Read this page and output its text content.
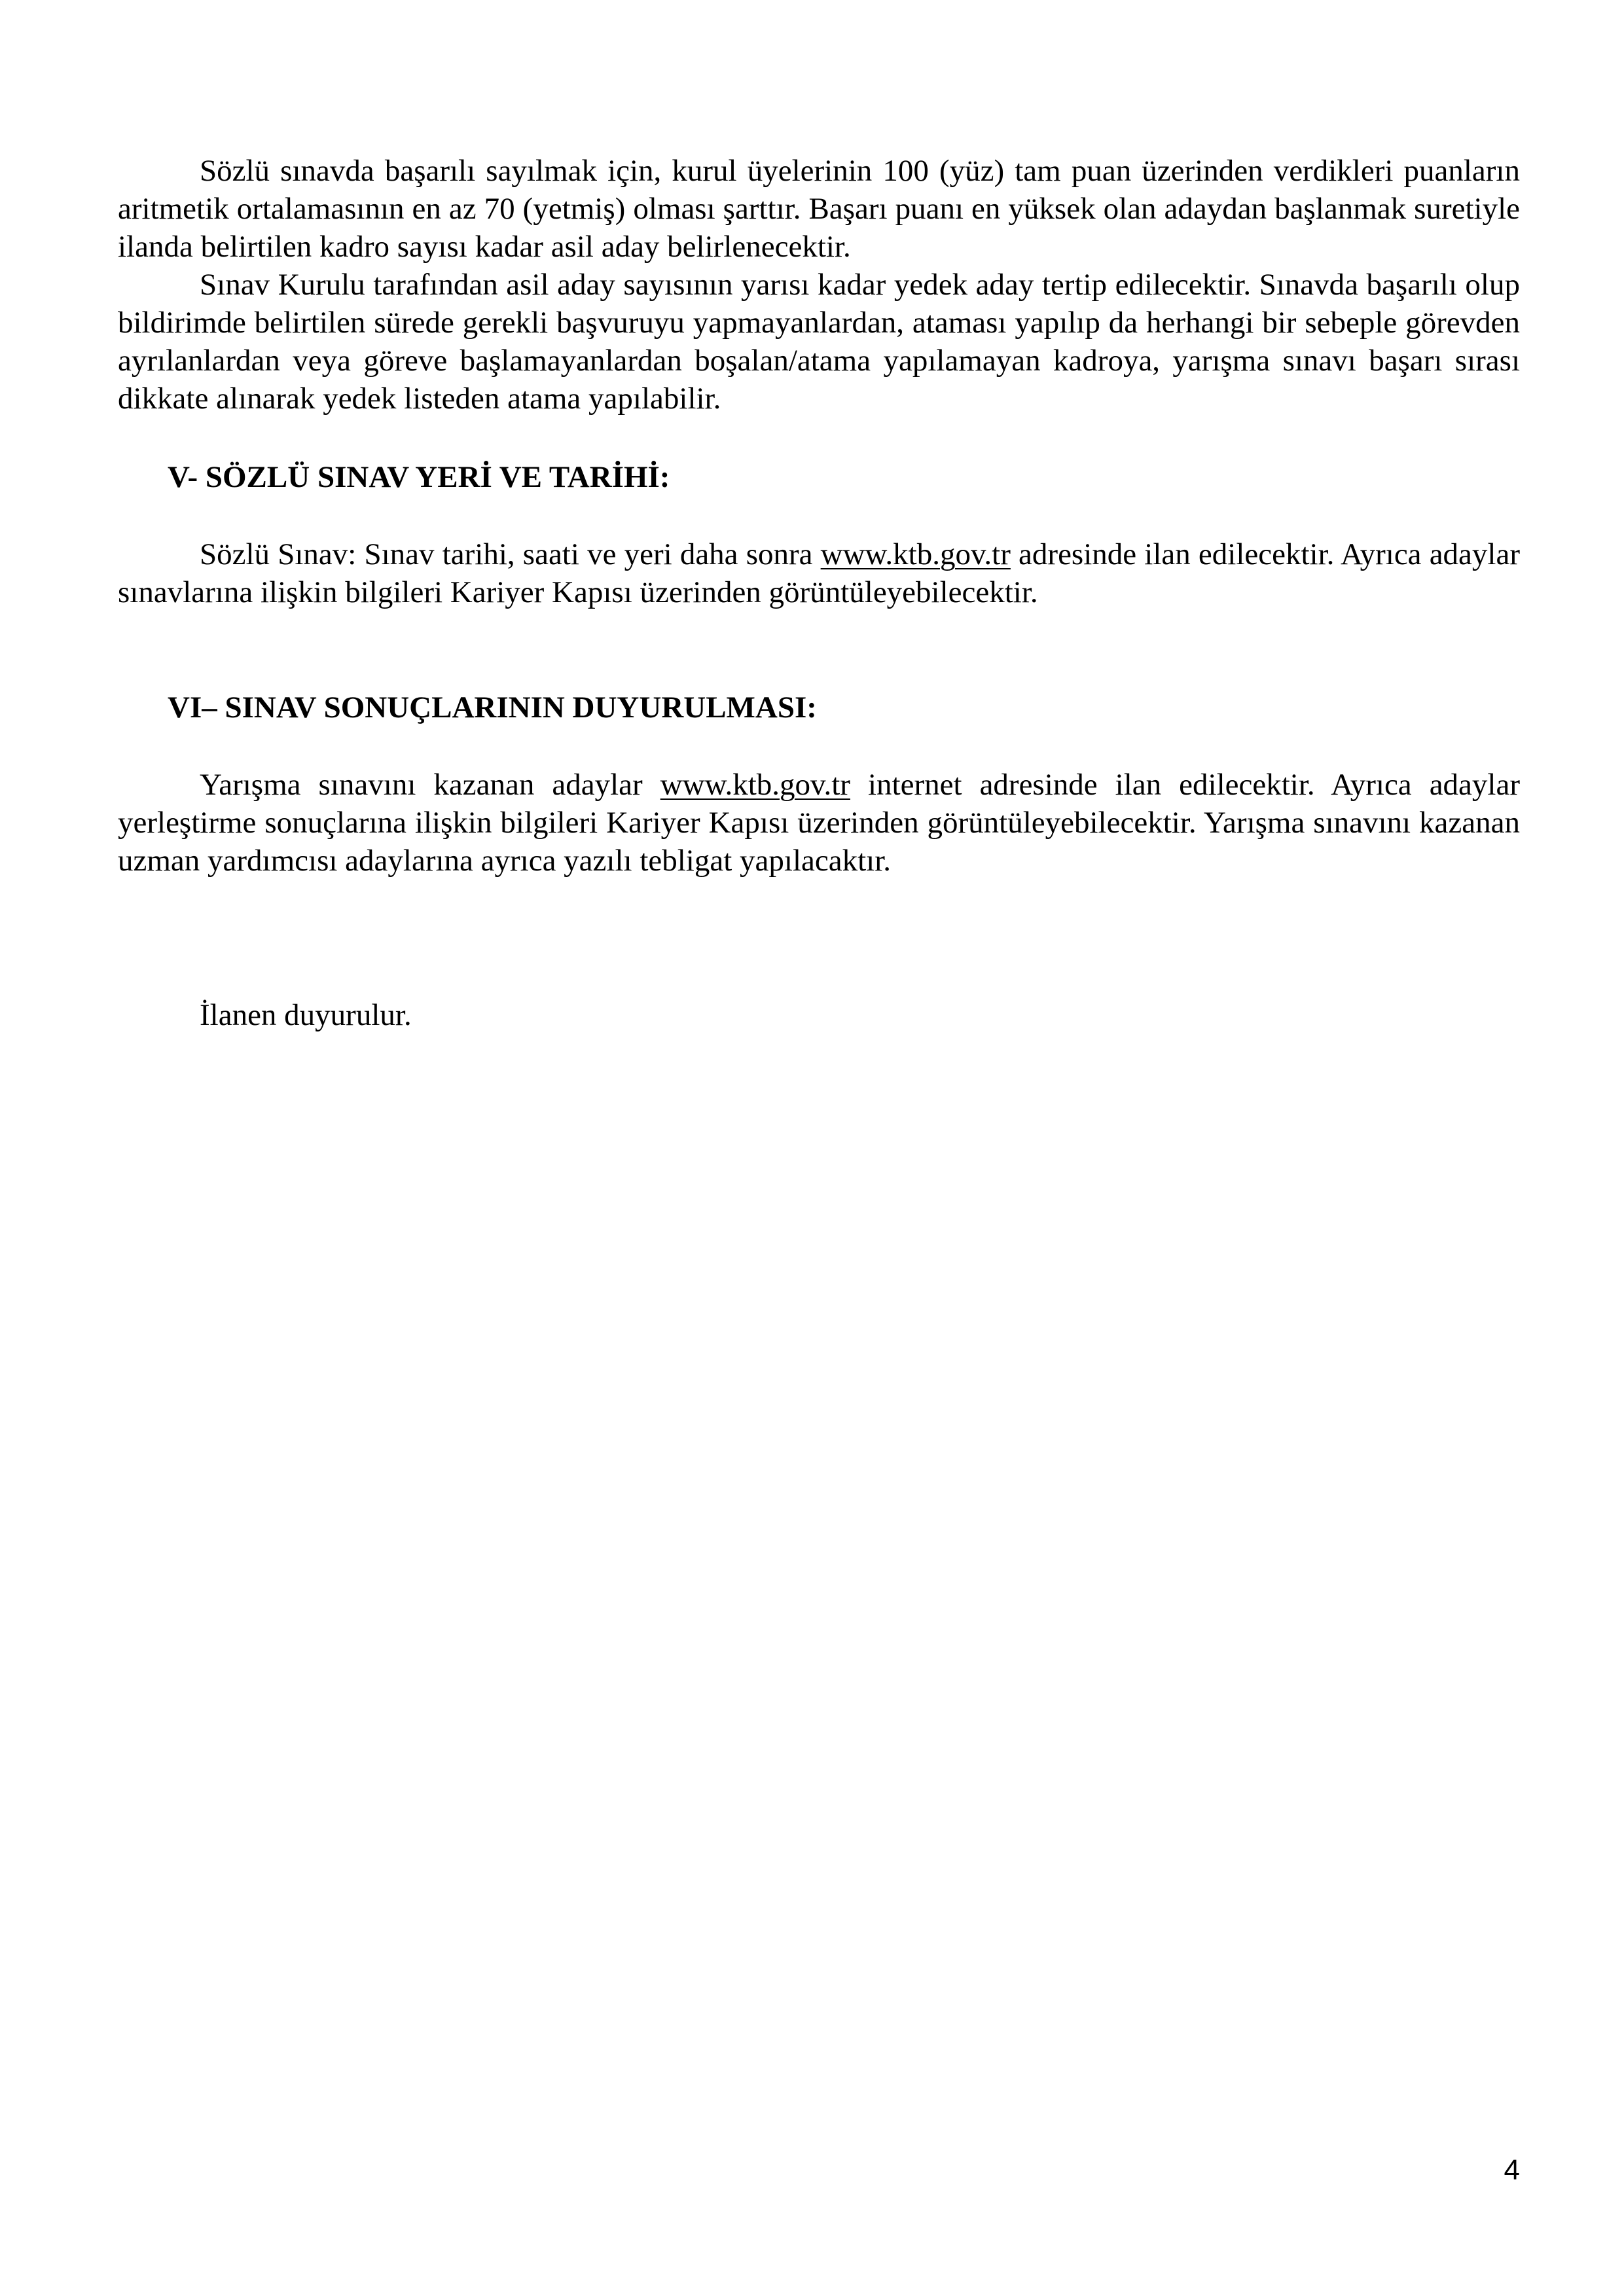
Sözlü sınavda başarılı sayılmak için, kurul üyelerinin 100 (yüz) tam puan üzerinden verdikleri puanların aritmetik ortalamasının en az 70 (yetmiş) olması şarttır. Başarı puanı en yüksek olan adaydan başlanmak suretiyle ilanda belirtilen kadro sayısı kadar asil aday belirlenecektir.

Sınav Kurulu tarafından asil aday sayısının yarısı kadar yedek aday tertip edilecektir. Sınavda başarılı olup bildirimde belirtilen sürede gerekli başvuruyu yapmayanlardan, ataması yapılıp da herhangi bir sebeple görevden ayrılanlardan veya göreve başlamayanlardan boşalan/atama yapılamayan kadroya, yarışma sınavı başarı sırası dikkate alınarak yedek listeden atama yapılabilir.

V- SÖZLÜ SINAV YERİ VE TARİHİ:

Sözlü Sınav: Sınav tarihi, saati ve yeri daha sonra www.ktb.gov.tr adresinde ilan edilecektir. Ayrıca adaylar sınavlarına ilişkin bilgileri Kariyer Kapısı üzerinden görüntüleyebilecektir.

VI– SINAV SONUÇLARININ DUYURULMASI:

Yarışma sınavını kazanan adaylar www.ktb.gov.tr internet adresinde ilan edilecektir. Ayrıca adaylar yerleştirme sonuçlarına ilişkin bilgileri Kariyer Kapısı üzerinden görüntüleyebilecektir. Yarışma sınavını kazanan uzman yardımcısı adaylarına ayrıca yazılı tebligat yapılacaktır.

İlanen duyurulur.

4
